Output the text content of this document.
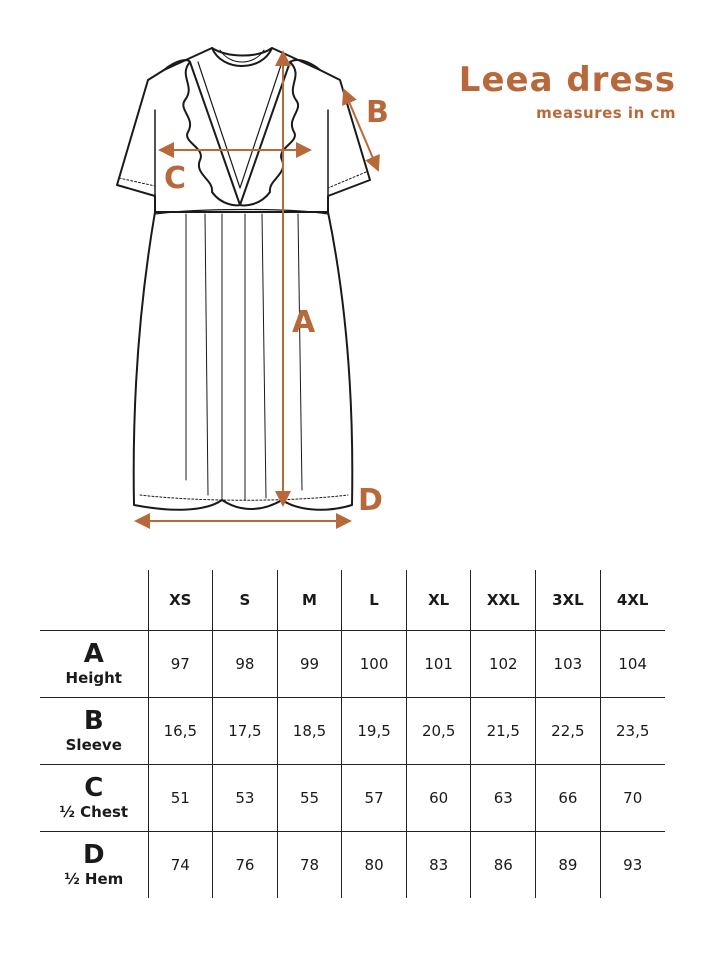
Leea dress
measures in cm
A
B
C
D
	XS	S	M	L	XL	XXL	3XL	4XL

A
Height	97	98	99	100	101	102	103	104

B
Sleeve	16,5	17,5	18,5	19,5	20,5	21,5	22,5	23,5

C
½ Chest	51	53	55	57	60	63	66	70

D
½ Hem	74	76	78	80	83	86	89	93
